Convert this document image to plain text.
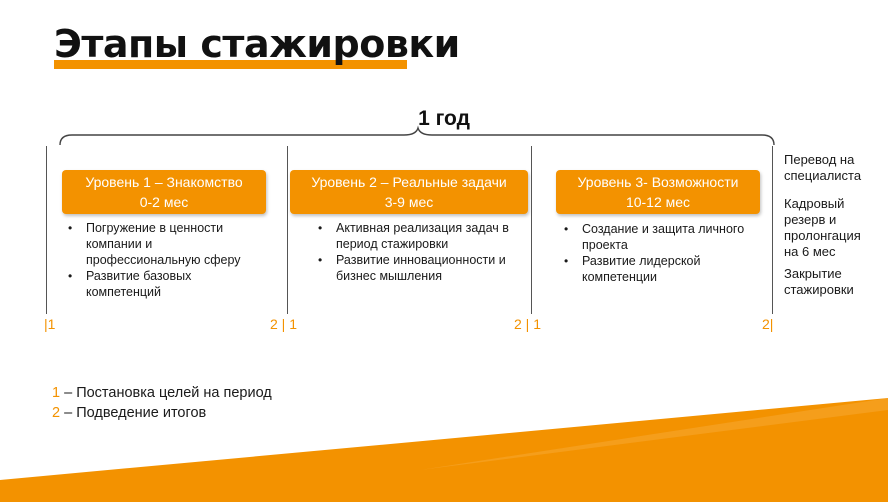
Этапы стажировки
1 год
Уровень 1 – Знакомство
0-2 мес
• Погружение в ценности компании и профессиональную сферу
• Развитие базовых компетенций
Уровень 2 – Реальные задачи
3-9 мес
• Активная реализация задач в период стажировки
• Развитие инновационности и бизнес мышления
Уровень 3- Возможности
10-12 мес
• Создание и защита личного проекта
• Развитие лидерской компетенции
|1	2 | 1	2 | 1	2|
Перевод на специалиста
Кадровый резерв и пролонгация на 6 мес
Закрытие стажировки
1 – Постановка целей на период
2 – Подведение итогов
